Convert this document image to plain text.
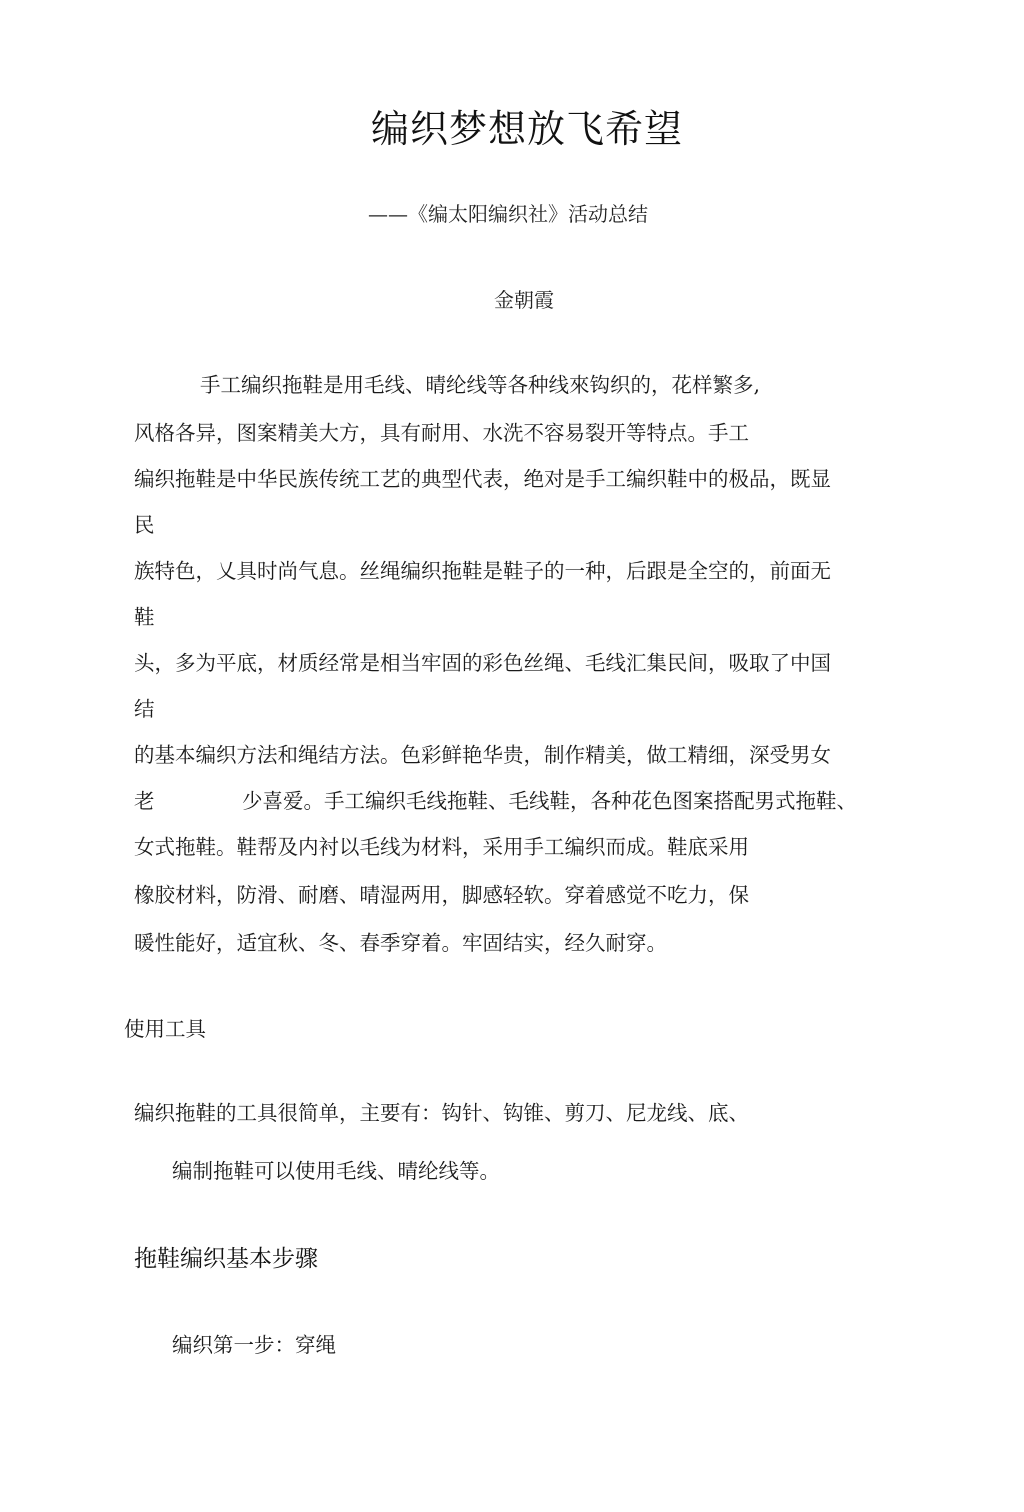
编织梦想放飞希望
——《编太阳编织社》活动总结
金朝霞
手工编织拖鞋是用毛线、晴纶线等各种线來钩织的，花样繁多,
风格各异，图案精美大方，具有耐用、水洗不容易裂开等特点。手工
编织拖鞋是中华民族传统工艺的典型代表，绝对是手工编织鞋中的极品，既显
民
族特色，乂具时尚气息。丝绳编织拖鞋是鞋子的一种，后跟是全空的，前面无
鞋
头，多为平底，材质经常是相当牢固的彩色丝绳、毛线汇集民间，吸取了中国
结
的基本编织方法和绳结方法。色彩鲜艳华贵，制作精美，做工精细，深受男女
老	少喜爱。手工编织毛线拖鞋、毛线鞋，各种花色图案搭配男式拖鞋、
女式拖鞋。鞋帮及内衬以毛线为材料，采用手工编织而成。鞋底采用
橡胶材料，防滑、耐磨、晴湿两用，脚感轻软。穿着感觉不吃力，保
暖性能好，适宜秋、冬、春季穿着。牢固结实，经久耐穿。
使用工具
编织拖鞋的工具很简单，主要有：钩针、钩锥、剪刀、尼龙线、底、
编制拖鞋可以使用毛线、晴纶线等。
拖鞋编织基本步骤
编织第一步：穿绳
